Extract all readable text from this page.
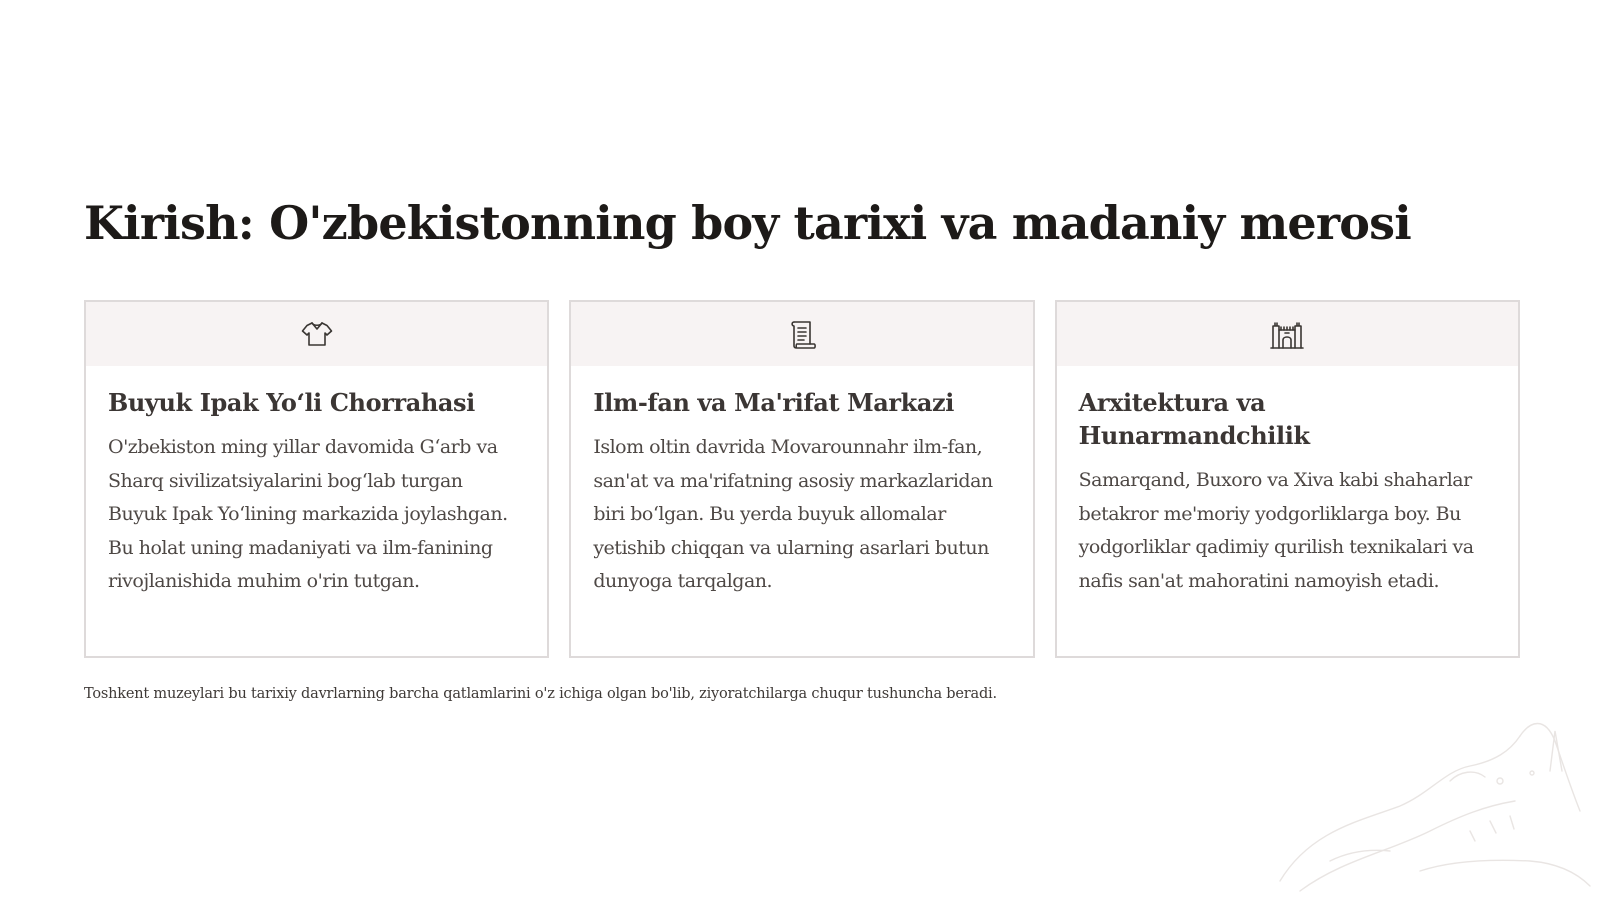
Kirish: O'zbekistonning boy tarixi va madaniy merosi
Buyuk Ipak Yo‘li Chorrahasi

O'zbekiston ming yillar davomida G‘arb va Sharq sivilizatsiyalarini bog‘lab turgan Buyuk Ipak Yo‘lining markazida joylashgan. Bu holat uning madaniyati va ilm-fanining rivojlanishida muhim o'rin tutgan.

Ilm-fan va Ma'rifat Markazi

Islom oltin davrida Movarounnahr ilm-fan, san'at va ma'rifatning asosiy markazlaridan biri bo‘lgan. Bu yerda buyuk allomalar yetishib chiqqan va ularning asarlari butun dunyoga tarqalgan.

Arxitektura va Hunarmandchilik

Samarqand, Buxoro va Xiva kabi shaharlar betakror me'moriy yodgorliklarga boy. Bu yodgorliklar qadimiy qurilish texnikalari va nafis san'at mahoratini namoyish etadi.

Toshkent muzeylari bu tarixiy davrlarning barcha qatlamlarini o'z ichiga olgan bo'lib, ziyoratchilarga chuqur tushuncha beradi.
